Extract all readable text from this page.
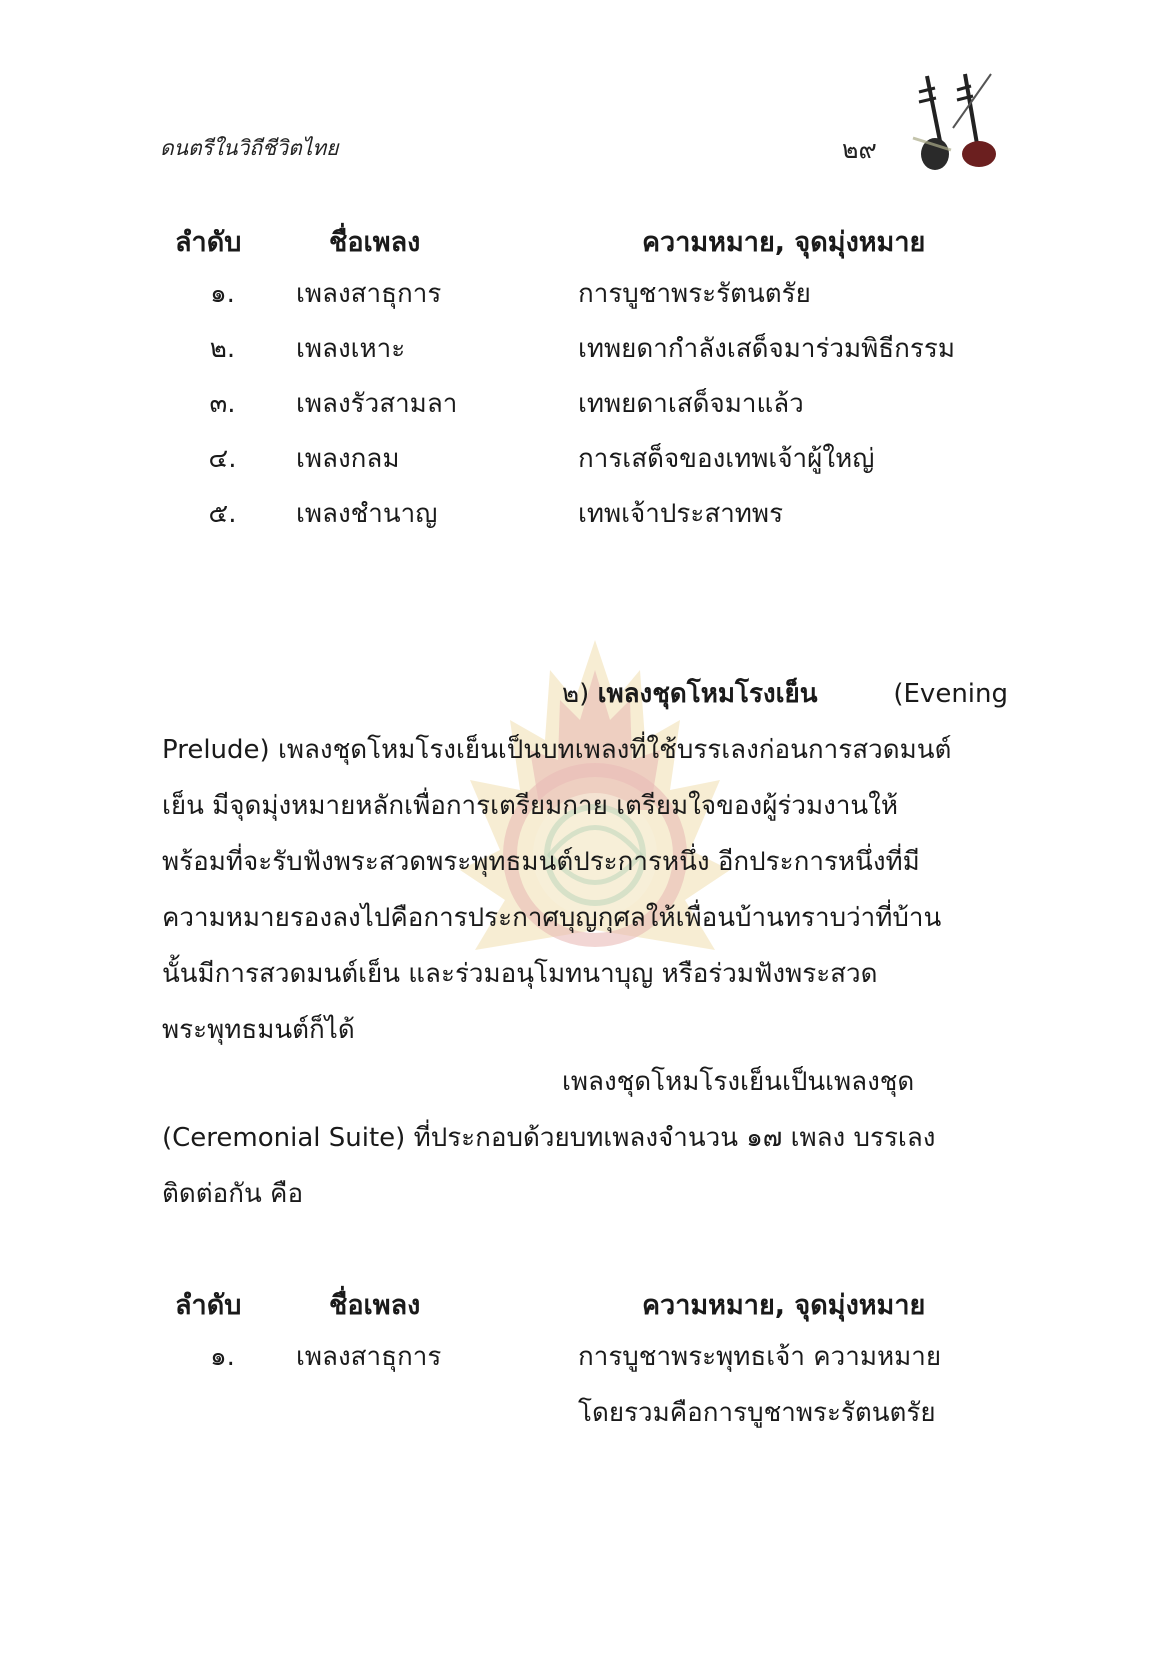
ดนตรีในวิถีชีวิตไทย	๒๙
ลำดับ	ชื่อเพลง	ความหมาย, จุดมุ่งหมาย
๑.	เพลงสาธุการ	การบูชาพระรัตนตรัย
๒.	เพลงเหาะ	เทพยดากำลังเสด็จมาร่วมพิธีกรรม
๓.	เพลงรัวสามลา	เทพยดาเสด็จมาแล้ว
๔.	เพลงกลม	การเสด็จของเทพเจ้าผู้ใหญ่
๕.	เพลงชำนาญ	เทพเจ้าประสาทพร
๒) เพลงชุดโหมโรงเย็น	(Evening
Prelude) เพลงชุดโหมโรงเย็นเป็นบทเพลงที่ใช้บรรเลงก่อนการสวดมนต์
เย็น มีจุดมุ่งหมายหลักเพื่อการเตรียมกาย เตรียมใจของผู้ร่วมงานให้
พร้อมที่จะรับฟังพระสวดพระพุทธมนต์ประการหนึ่ง อีกประการหนึ่งที่มี
ความหมายรองลงไปคือการประกาศบุญกุศลให้เพื่อนบ้านทราบว่าที่บ้าน
นั้นมีการสวดมนต์เย็น และร่วมอนุโมทนาบุญ หรือร่วมฟังพระสวด
พระพุทธมนต์ก็ได้
เพลงชุดโหมโรงเย็นเป็นเพลงชุด
(Ceremonial Suite) ที่ประกอบด้วยบทเพลงจำนวน ๑๗ เพลง บรรเลง
ติดต่อกัน คือ
ลำดับ	ชื่อเพลง	ความหมาย, จุดมุ่งหมาย
๑.	เพลงสาธุการ	การบูชาพระพุทธเจ้า ความหมาย
โดยรวมคือการบูชาพระรัตนตรัย
